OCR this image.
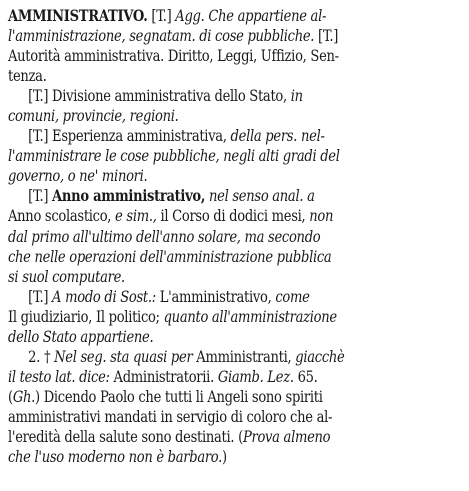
AMMINISTRATIVO. [T.] Agg. Che appartiene al-
l'amministrazione, segnatam. di cose pubbliche. [T.]
Autorità amministrativa. Diritto, Leggi, Uffizio, Sen-
tenza.
[T.] Divisione amministrativa dello Stato, in
comuni, provincie, regioni.
[T.] Esperienza amministrativa, della pers. nel-
l'amministrare le cose pubbliche, negli alti gradi del
governo, o ne' minori.
[T.] Anno amministrativo, nel senso anal. a
Anno scolastico, e sim., il Corso di dodici mesi, non
dal primo all'ultimo dell'anno solare, ma secondo
che nelle operazioni dell'amministrazione pubblica
si suol computare.
[T.] A modo di Sost.: L'amministrativo, come
Il giudiziario, Il politico; quanto all'amministrazione
dello Stato appartiene.
2. † Nel seg. sta quasi per Amministranti, giacchè
il testo lat. dice: Administratorii. Giamb. Lez. 65.
(Gh.) Dicendo Paolo che tutti li Angeli sono spiriti
amministrativi mandati in servigio di coloro che al-
l'eredità della salute sono destinati. (Prova almeno
che l'uso moderno non è barbaro.)
